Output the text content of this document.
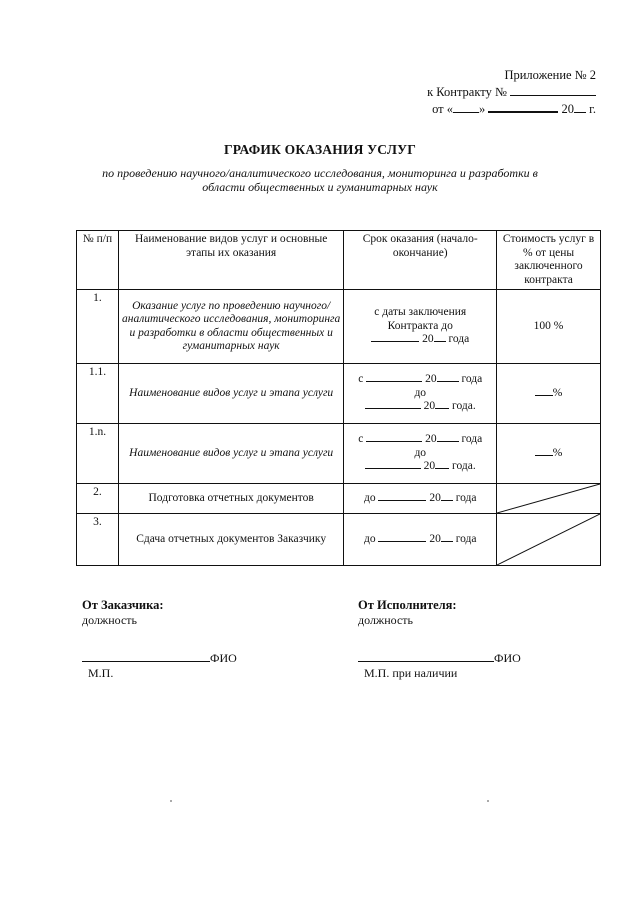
Приложение № 2
к Контракту №
от « »	20 г.
ГРАФИК ОКАЗАНИЯ УСЛУГ
по проведению научного/аналитического исследования, мониторинга и разработки в области общественных и гуманитарных наук
№ п/п	Наименование видов услуг и основные этапы их оказания	Срок оказания (начало-окончание)	Стоимость услуг в % от цены заключенного контракта
1.	Оказание услуг по проведению научного/аналитического исследования, мониторинга и разработки в области общественных и гуманитарных наук	с даты заключения
Контракта до
20 года	100 %
1.1.	Наименование видов услуг и этапа услуги	с 20 года
до
20 года.	%
1.n.	Наименование видов услуг и этапа услуги	с 20 года
до
20 года.	%
2.	Подготовка отчетных документов	до 20 года	

3.	Сдача отчетных документов Заказчику	до 20 года	
От Заказчика:
должность
ФИО
М.П.
От Исполнителя:
должность
ФИО
М.П. при наличии
